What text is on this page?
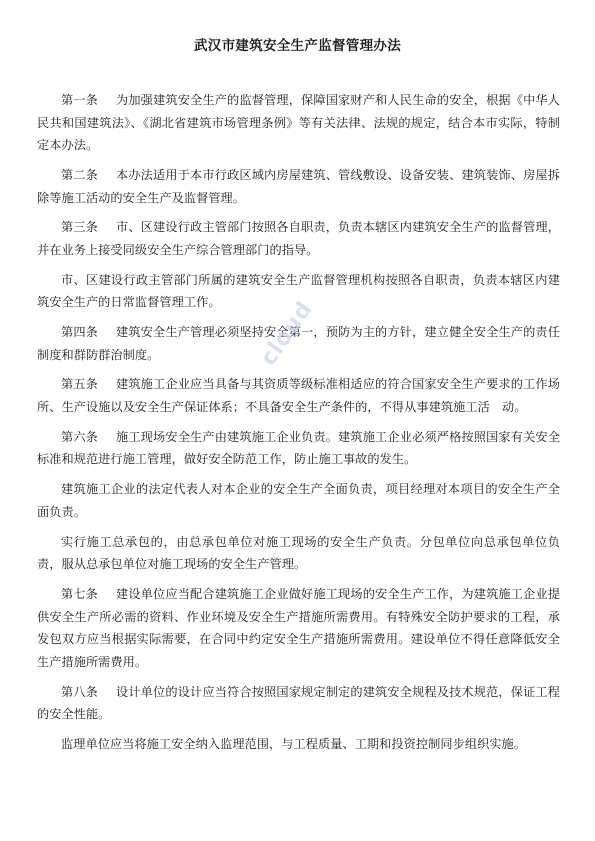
武汉市建筑安全生产监督管理办法

第一条 为加强建筑安全生产的监督管理，保障国家财产和人民生命的安全，根据《中华人民共和国建筑法》、《湖北省建筑市场管理条例》等有关法律、法规的规定，结合本市实际，特制定本办法。

第二条 本办法适用于本市行政区域内房屋建筑、管线敷设、设备安装、建筑装饰、房屋拆除等施工活动的安全生产及监督管理。

第三条 市、区建设行政主管部门按照各自职责，负责本辖区内建筑安全生产的监督管理，并在业务上接受同级安全生产综合管理部门的指导。

市、区建设行政主管部门所属的建筑安全生产监督管理机构按照各自职责，负责本辖区内建筑安全生产的日常监督管理工作。

第四条 建筑安全生产管理必须坚持安全第一，预防为主的方针，建立健全安全生产的责任制度和群防群治制度。

第五条 建筑施工企业应当具备与其资质等级标准相适应的符合国家安全生产要求的工作场所、生产设施以及安全生产保证体系；不具备安全生产条件的，不得从事建筑施工活　动。

第六条 施工现场安全生产由建筑施工企业负责。建筑施工企业必须严格按照国家有关安全标准和规范进行施工管理，做好安全防范工作，防止施工事故的发生。

建筑施工企业的法定代表人对本企业的安全生产全面负责，项目经理对本项目的安全生产全面负责。

实行施工总承包的，由总承包单位对施工现场的安全生产负责。分包单位向总承包单位负责，服从总承包单位对施工现场的安全生产管理。

第七条 建设单位应当配合建筑施工企业做好施工现场的安全生产工作，为建筑施工企业提供安全生产所必需的资料、作业环境及安全生产措施所需费用。有特殊安全防护要求的工程，承发包双方应当根据实际需要，在合同中约定安全生产措施所需费用。建设单位不得任意降低安全生产措施所需费用。

第八条 设计单位的设计应当符合按照国家规定制定的建筑安全规程及技术规范，保证工程的安全性能。

监理单位应当将施工安全纳入监理范围，与工程质量、工期和投资控制同步组织实施。

cloud
